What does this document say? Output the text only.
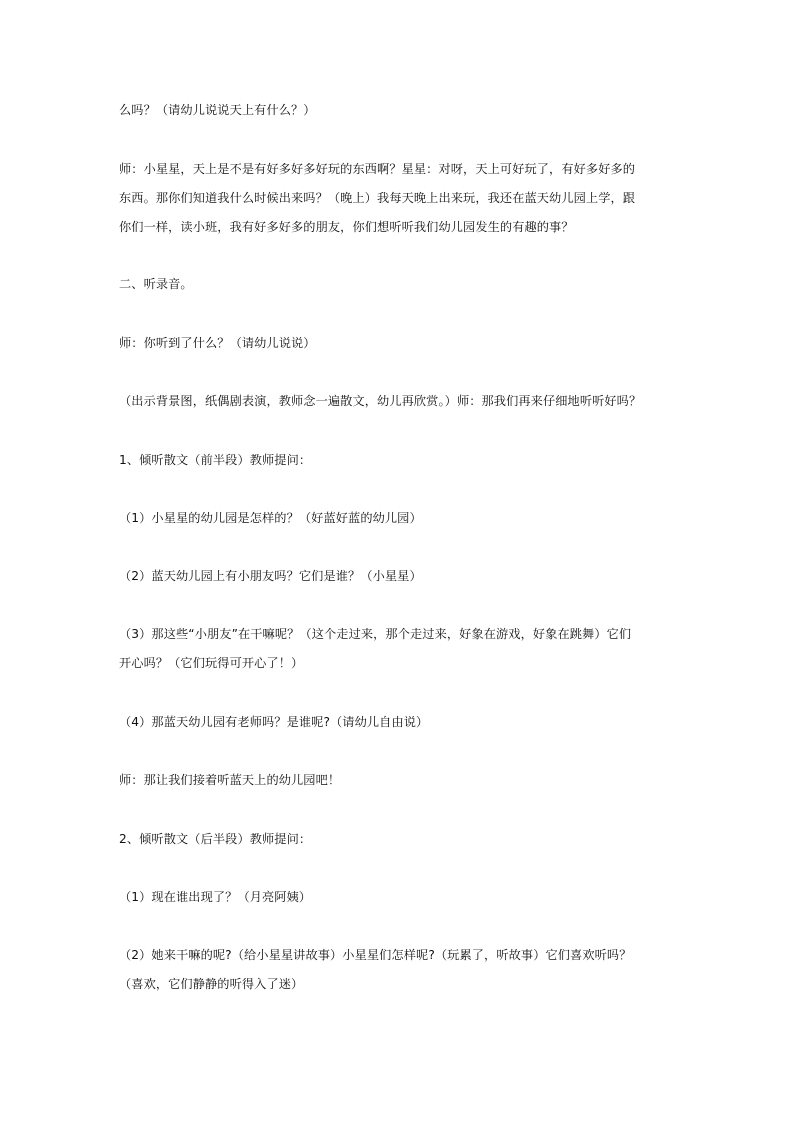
么吗？（请幼儿说说天上有什么？）
师：小星星，天上是不是有好多好多好玩的东西啊？星星：对呀，天上可好玩了，有好多好多的
东西。那你们知道我什么时候出来吗？（晚上）我每天晚上出来玩，我还在蓝天幼儿园上学，跟
你们一样，读小班，我有好多好多的朋友，你们想听听我们幼儿园发生的有趣的事？
二、听录音。
师：你听到了什么？（请幼儿说说）
（出示背景图，纸偶剧表演，教师念一遍散文，幼儿再欣赏。）师：那我们再来仔细地听听好吗？
1、倾听散文（前半段）教师提问：
（1）小星星的幼儿园是怎样的？（好蓝好蓝的幼儿园）
（2）蓝天幼儿园上有小朋友吗？它们是谁？（小星星）
（3）那这些“小朋友”在干嘛呢？（这个走过来，那个走过来，好象在游戏，好象在跳舞）它们
开心吗？（它们玩得可开心了！）
（4）那蓝天幼儿园有老师吗？是谁呢?（请幼儿自由说）
师：那让我们接着听蓝天上的幼儿园吧！
2、倾听散文（后半段）教师提问：
（1）现在谁出现了？（月亮阿姨）
（2）她来干嘛的呢?（给小星星讲故事）小星星们怎样呢?（玩累了，听故事）它们喜欢听吗？
（喜欢，它们静静的听得入了迷）
